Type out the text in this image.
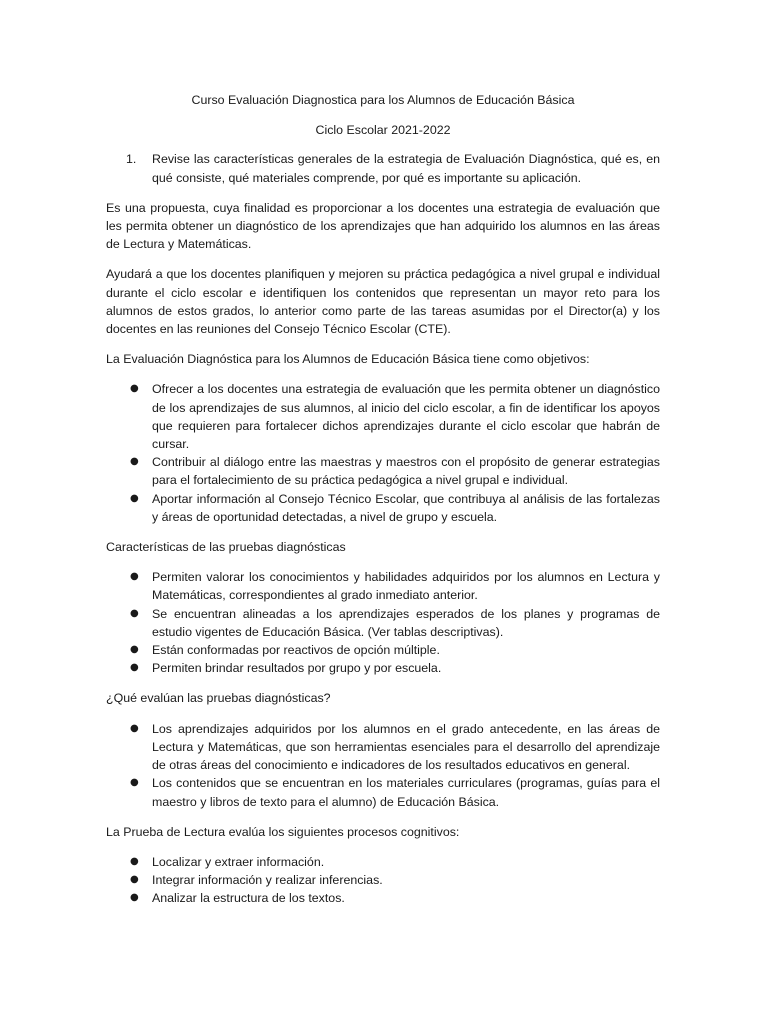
Curso Evaluación Diagnostica para los Alumnos de Educación Básica

Ciclo Escolar 2021-2022

1.	Revise las características generales de la estrategia de Evaluación Diagnóstica, qué es, en qué consiste, qué materiales comprende, por qué es importante su aplicación.

Es una propuesta, cuya finalidad es proporcionar a los docentes una estrategia de evaluación que les permita obtener un diagnóstico de los aprendizajes que han adquirido los alumnos en las áreas de Lectura y Matemáticas.

Ayudará a que los docentes planifiquen y mejoren su práctica pedagógica a nivel grupal e individual durante el ciclo escolar e identifiquen los contenidos que representan un mayor reto para los alumnos de estos grados, lo anterior como parte de las tareas asumidas por el Director(a) y los docentes en las reuniones del Consejo Técnico Escolar (CTE).

La Evaluación Diagnóstica para los Alumnos de Educación Básica tiene como objetivos:

●	Ofrecer a los docentes una estrategia de evaluación que les permita obtener un diagnóstico de los aprendizajes de sus alumnos, al inicio del ciclo escolar, a fin de identificar los apoyos que requieren para fortalecer dichos aprendizajes durante el ciclo escolar que habrán de cursar.
●	Contribuir al diálogo entre las maestras y maestros con el propósito de generar estrategias para el fortalecimiento de su práctica pedagógica a nivel grupal e individual.
●	Aportar información al Consejo Técnico Escolar, que contribuya al análisis de las fortalezas y áreas de oportunidad detectadas, a nivel de grupo y escuela.

Características de las pruebas diagnósticas

●	Permiten valorar los conocimientos y habilidades adquiridos por los alumnos en Lectura y Matemáticas, correspondientes al grado inmediato anterior.
●	Se encuentran alineadas a los aprendizajes esperados de los planes y programas de estudio vigentes de Educación Básica. (Ver tablas descriptivas).
●	Están conformadas por reactivos de opción múltiple.
●	Permiten brindar resultados por grupo y por escuela.

¿Qué evalúan las pruebas diagnósticas?

●	Los aprendizajes adquiridos por los alumnos en el grado antecedente, en las áreas de Lectura y Matemáticas, que son herramientas esenciales para el desarrollo del aprendizaje de otras áreas del conocimiento e indicadores de los resultados educativos en general.
●	Los contenidos que se encuentran en los materiales curriculares (programas, guías para el maestro y libros de texto para el alumno) de Educación Básica.

La Prueba de Lectura evalúa los siguientes procesos cognitivos:

●	Localizar y extraer información.
●	Integrar información y realizar inferencias.
●	Analizar la estructura de los textos.
